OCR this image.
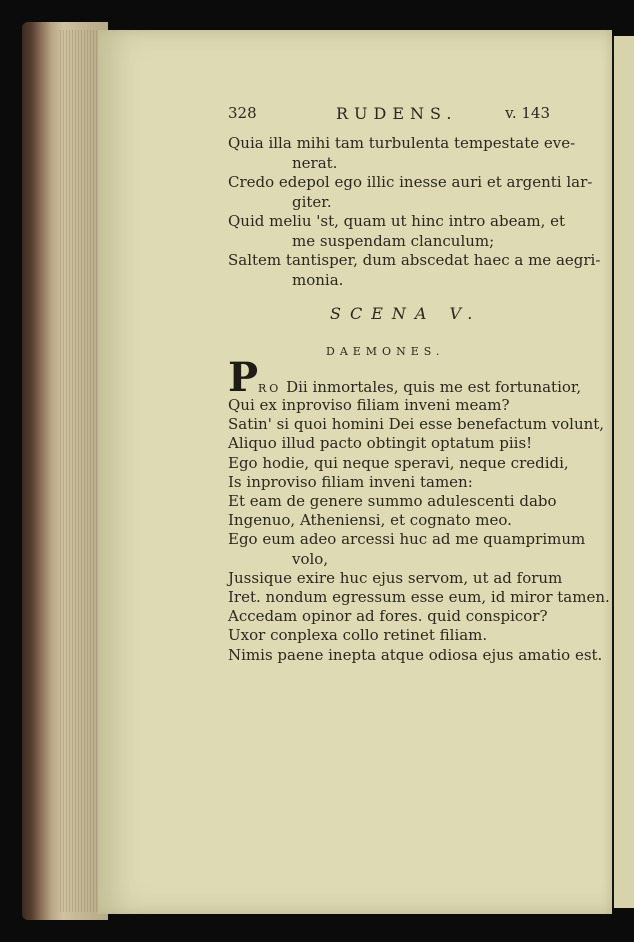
328	RUDENS.	v. 143
Quia illa mihi tam turbulenta tempestate eve-
nerat.
Credo edepol ego illic inesse auri et argenti lar-
giter.
Quid meliu 'st, quam ut hinc intro abeam, et
me suspendam clanculum;
Saltem tantisper, dum abscedat haec a me aegri-
monia.
SCENA V.
DAEMONES.
P RO Dii inmortales, quis me est fortunatior,
Qui ex inproviso filiam inveni meam?
Satin' si quoi homini Dei esse benefactum volunt,
Aliquo illud pacto obtingit optatum piis!
Ego hodie, qui neque speravi, neque credidi,
Is inproviso filiam inveni tamen:
Et eam de genere summo adulescenti dabo
Ingenuo, Atheniensi, et cognato meo.
Ego eum adeo arcessi huc ad me quamprimum
volo,
Jussique exire huc ejus servom, ut ad forum
Iret. nondum egressum esse eum, id miror tamen.
Accedam opinor ad fores. quid conspicor?
Uxor conplexa collo retinet filiam.
Nimis paene inepta atque odiosa ejus amatio est.
